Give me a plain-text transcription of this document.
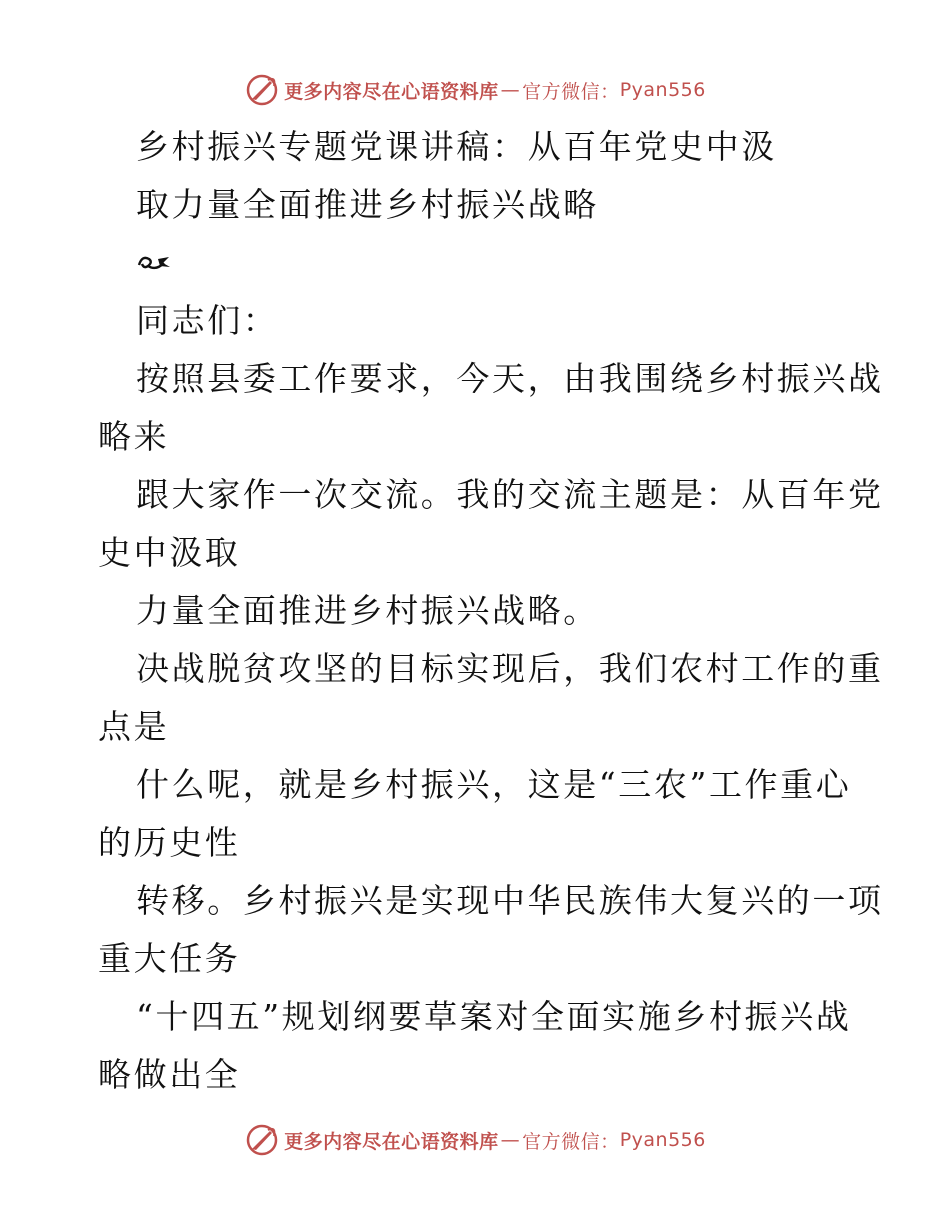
更多内容尽在心语资料库 — 官方微信： Pyan556
乡村振兴专题党课讲稿：从百年党史中汲
取力量全面推进乡村振兴战略
同志们：
按照县委工作要求，今天，由我围绕乡村振兴战
略来
跟大家作一次交流。我的交流主题是：从百年党
史中汲取
力量全面推进乡村振兴战略。
决战脱贫攻坚的目标实现后，我们农村工作的重
点是
什么呢，就是乡村振兴，这是“三农”工作重心
的历史性
转移。乡村振兴是实现中华民族伟大复兴的一项
重大任务
“十四五”规划纲要草案对全面实施乡村振兴战
略做出全
更多内容尽在心语资料库 — 官方微信： Pyan556
